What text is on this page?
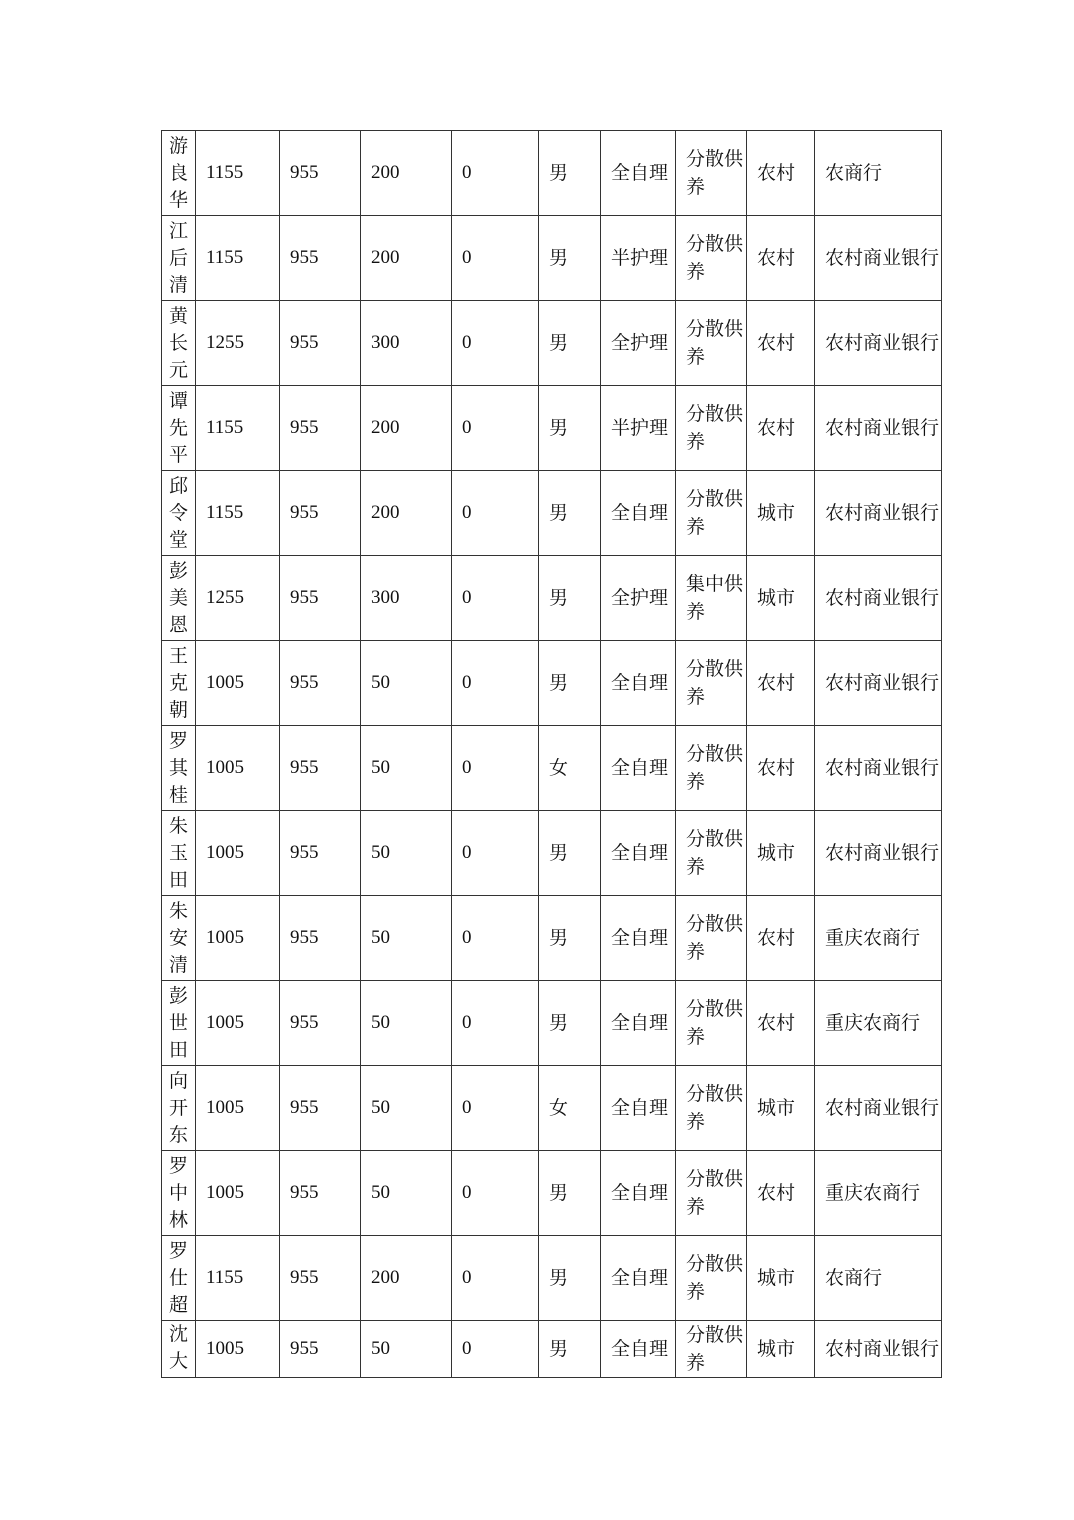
游良华	1155	955	200	0	男	全自理	分散供养	农村	农商行
江后清	1155	955	200	0	男	半护理	分散供养	农村	农村商业银行
黄长元	1255	955	300	0	男	全护理	分散供养	农村	农村商业银行
谭先平	1155	955	200	0	男	半护理	分散供养	农村	农村商业银行
邱令堂	1155	955	200	0	男	全自理	分散供养	城市	农村商业银行
彭美恩	1255	955	300	0	男	全护理	集中供养	城市	农村商业银行
王克朝	1005	955	50	0	男	全自理	分散供养	农村	农村商业银行
罗其桂	1005	955	50	0	女	全自理	分散供养	农村	农村商业银行
朱玉田	1005	955	50	0	男	全自理	分散供养	城市	农村商业银行
朱安清	1005	955	50	0	男	全自理	分散供养	农村	重庆农商行
彭世田	1005	955	50	0	男	全自理	分散供养	农村	重庆农商行
向开东	1005	955	50	0	女	全自理	分散供养	城市	农村商业银行
罗中林	1005	955	50	0	男	全自理	分散供养	农村	重庆农商行
罗仕超	1155	955	200	0	男	全自理	分散供养	城市	农商行
沈大	1005	955	50	0	男	全自理	分散供养	城市	农村商业银行
